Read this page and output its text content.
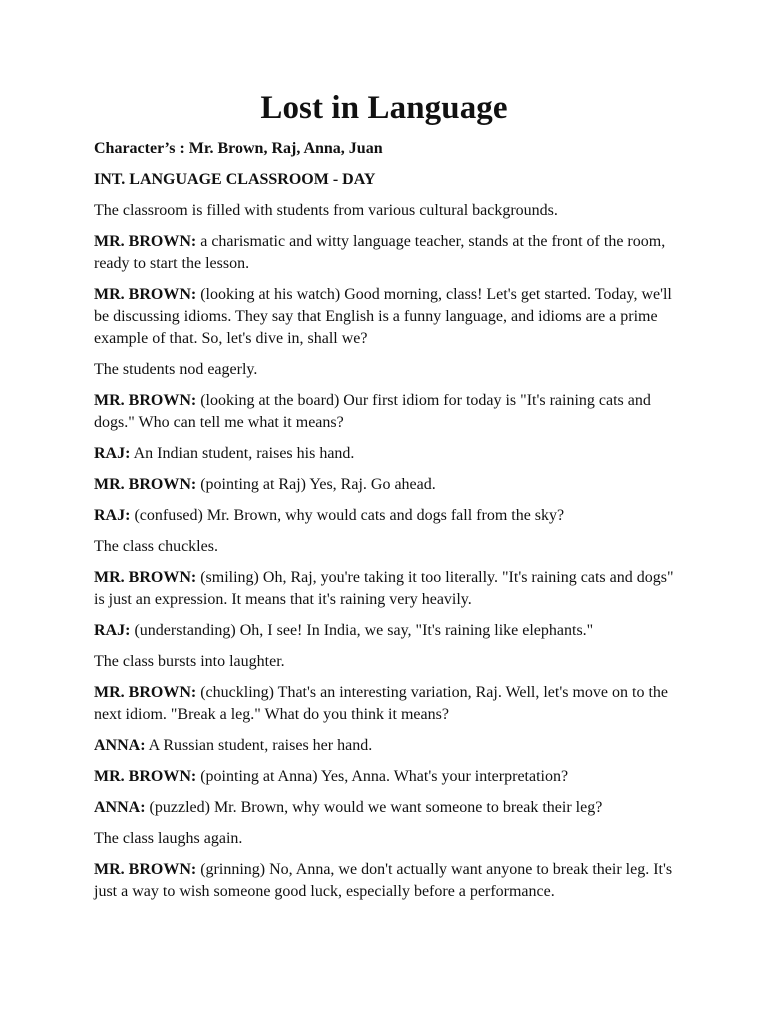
Lost in Language

Character’s : Mr. Brown, Raj, Anna, Juan

INT. LANGUAGE CLASSROOM - DAY

The classroom is filled with students from various cultural backgrounds.

MR. BROWN: a charismatic and witty language teacher, stands at the front of the room, ready to start the lesson.

MR. BROWN: (looking at his watch) Good morning, class! Let's get started. Today, we'll be discussing idioms. They say that English is a funny language, and idioms are a prime example of that. So, let's dive in, shall we?

The students nod eagerly.

MR. BROWN: (looking at the board) Our first idiom for today is "It's raining cats and dogs." Who can tell me what it means?

RAJ: An Indian student, raises his hand.

MR. BROWN: (pointing at Raj) Yes, Raj. Go ahead.

RAJ: (confused) Mr. Brown, why would cats and dogs fall from the sky?

The class chuckles.

MR. BROWN: (smiling) Oh, Raj, you're taking it too literally. "It's raining cats and dogs" is just an expression. It means that it's raining very heavily.

RAJ: (understanding) Oh, I see! In India, we say, "It's raining like elephants."

The class bursts into laughter.

MR. BROWN: (chuckling) That's an interesting variation, Raj. Well, let's move on to the next idiom. "Break a leg." What do you think it means?

ANNA: A Russian student, raises her hand.

MR. BROWN: (pointing at Anna) Yes, Anna. What's your interpretation?

ANNA: (puzzled) Mr. Brown, why would we want someone to break their leg?

The class laughs again.

MR. BROWN: (grinning) No, Anna, we don't actually want anyone to break their leg. It's just a way to wish someone good luck, especially before a performance.
